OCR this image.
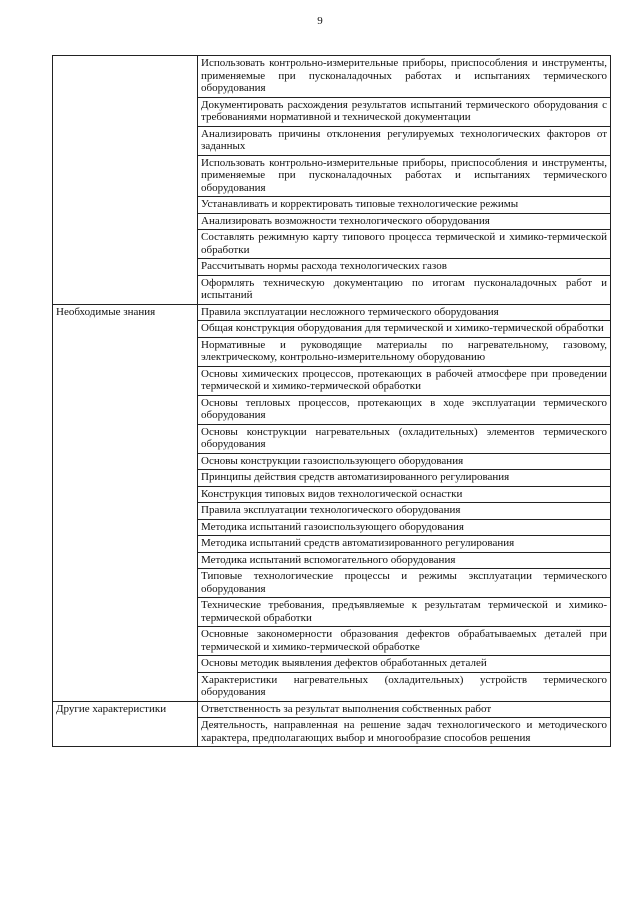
9
	Использовать контрольно-измерительные приборы, приспособления и инструменты, применяемые при пусконаладочных работах и испытаниях термического оборудования
	Документировать расхождения результатов испытаний термического оборудования с требованиями нормативной и технической документации
	Анализировать причины отклонения регулируемых технологических факторов от заданных
	Использовать контрольно-измерительные приборы, приспособления и инструменты, применяемые при пусконаладочных работах и испытаниях термического оборудования
	Устанавливать и корректировать типовые технологические режимы
	Анализировать возможности технологического оборудования
	Составлять режимную карту типового процесса термической и химико-термической обработки
	Рассчитывать нормы расхода технологических газов
	Оформлять техническую документацию по итогам пусконаладочных работ и испытаний
Необходимые знания	Правила эксплуатации несложного термического оборудования
	Общая конструкция оборудования для термической и химико-термической обработки
	Нормативные и руководящие материалы по нагревательному, газовому, электрическому, контрольно-измерительному оборудованию
	Основы химических процессов, протекающих в рабочей атмосфере при проведении термической и химико-термической обработки
	Основы тепловых процессов, протекающих в ходе эксплуатации термического оборудования
	Основы конструкции нагревательных (охладительных) элементов термического оборудования
	Основы конструкции газоиспользующего оборудования
	Принципы действия средств автоматизированного регулирования
	Конструкция типовых видов технологической оснастки
	Правила эксплуатации технологического оборудования
	Методика испытаний газоиспользующего оборудования
	Методика испытаний средств автоматизированного регулирования
	Методика испытаний вспомогательного оборудования
	Типовые технологические процессы и режимы эксплуатации термического оборудования
	Технические требования, предъявляемые к результатам термической и химико-термической обработки
	Основные закономерности образования дефектов обрабатываемых деталей при термической и химико-термической обработке
	Основы методик выявления дефектов обработанных деталей
	Характеристики нагревательных (охладительных) устройств термического оборудования
Другие характеристики	Ответственность за результат выполнения собственных работ
	Деятельность, направленная на решение задач технологического и методического характера, предполагающих выбор и многообразие способов решения
